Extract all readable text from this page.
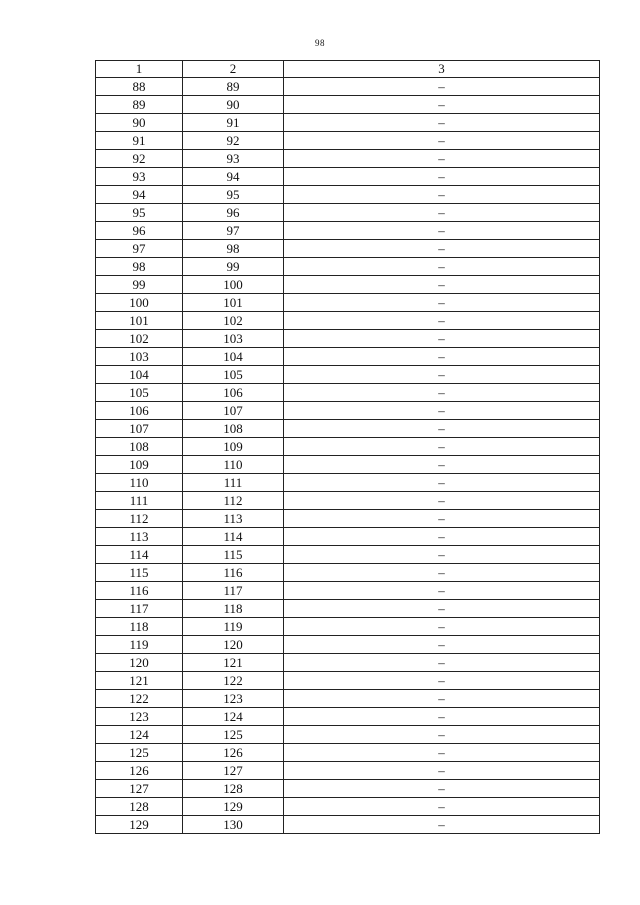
98
1	2	3
88	89	–
89	90	–
90	91	–
91	92	–
92	93	–
93	94	–
94	95	–
95	96	–
96	97	–
97	98	–
98	99	–
99	100	–
100	101	–
101	102	–
102	103	–
103	104	–
104	105	–
105	106	–
106	107	–
107	108	–
108	109	–
109	110	–
110	111	–
111	112	–
112	113	–
113	114	–
114	115	–
115	116	–
116	117	–
117	118	–
118	119	–
119	120	–
120	121	–
121	122	–
122	123	–
123	124	–
124	125	–
125	126	–
126	127	–
127	128	–
128	129	–
129	130	–
